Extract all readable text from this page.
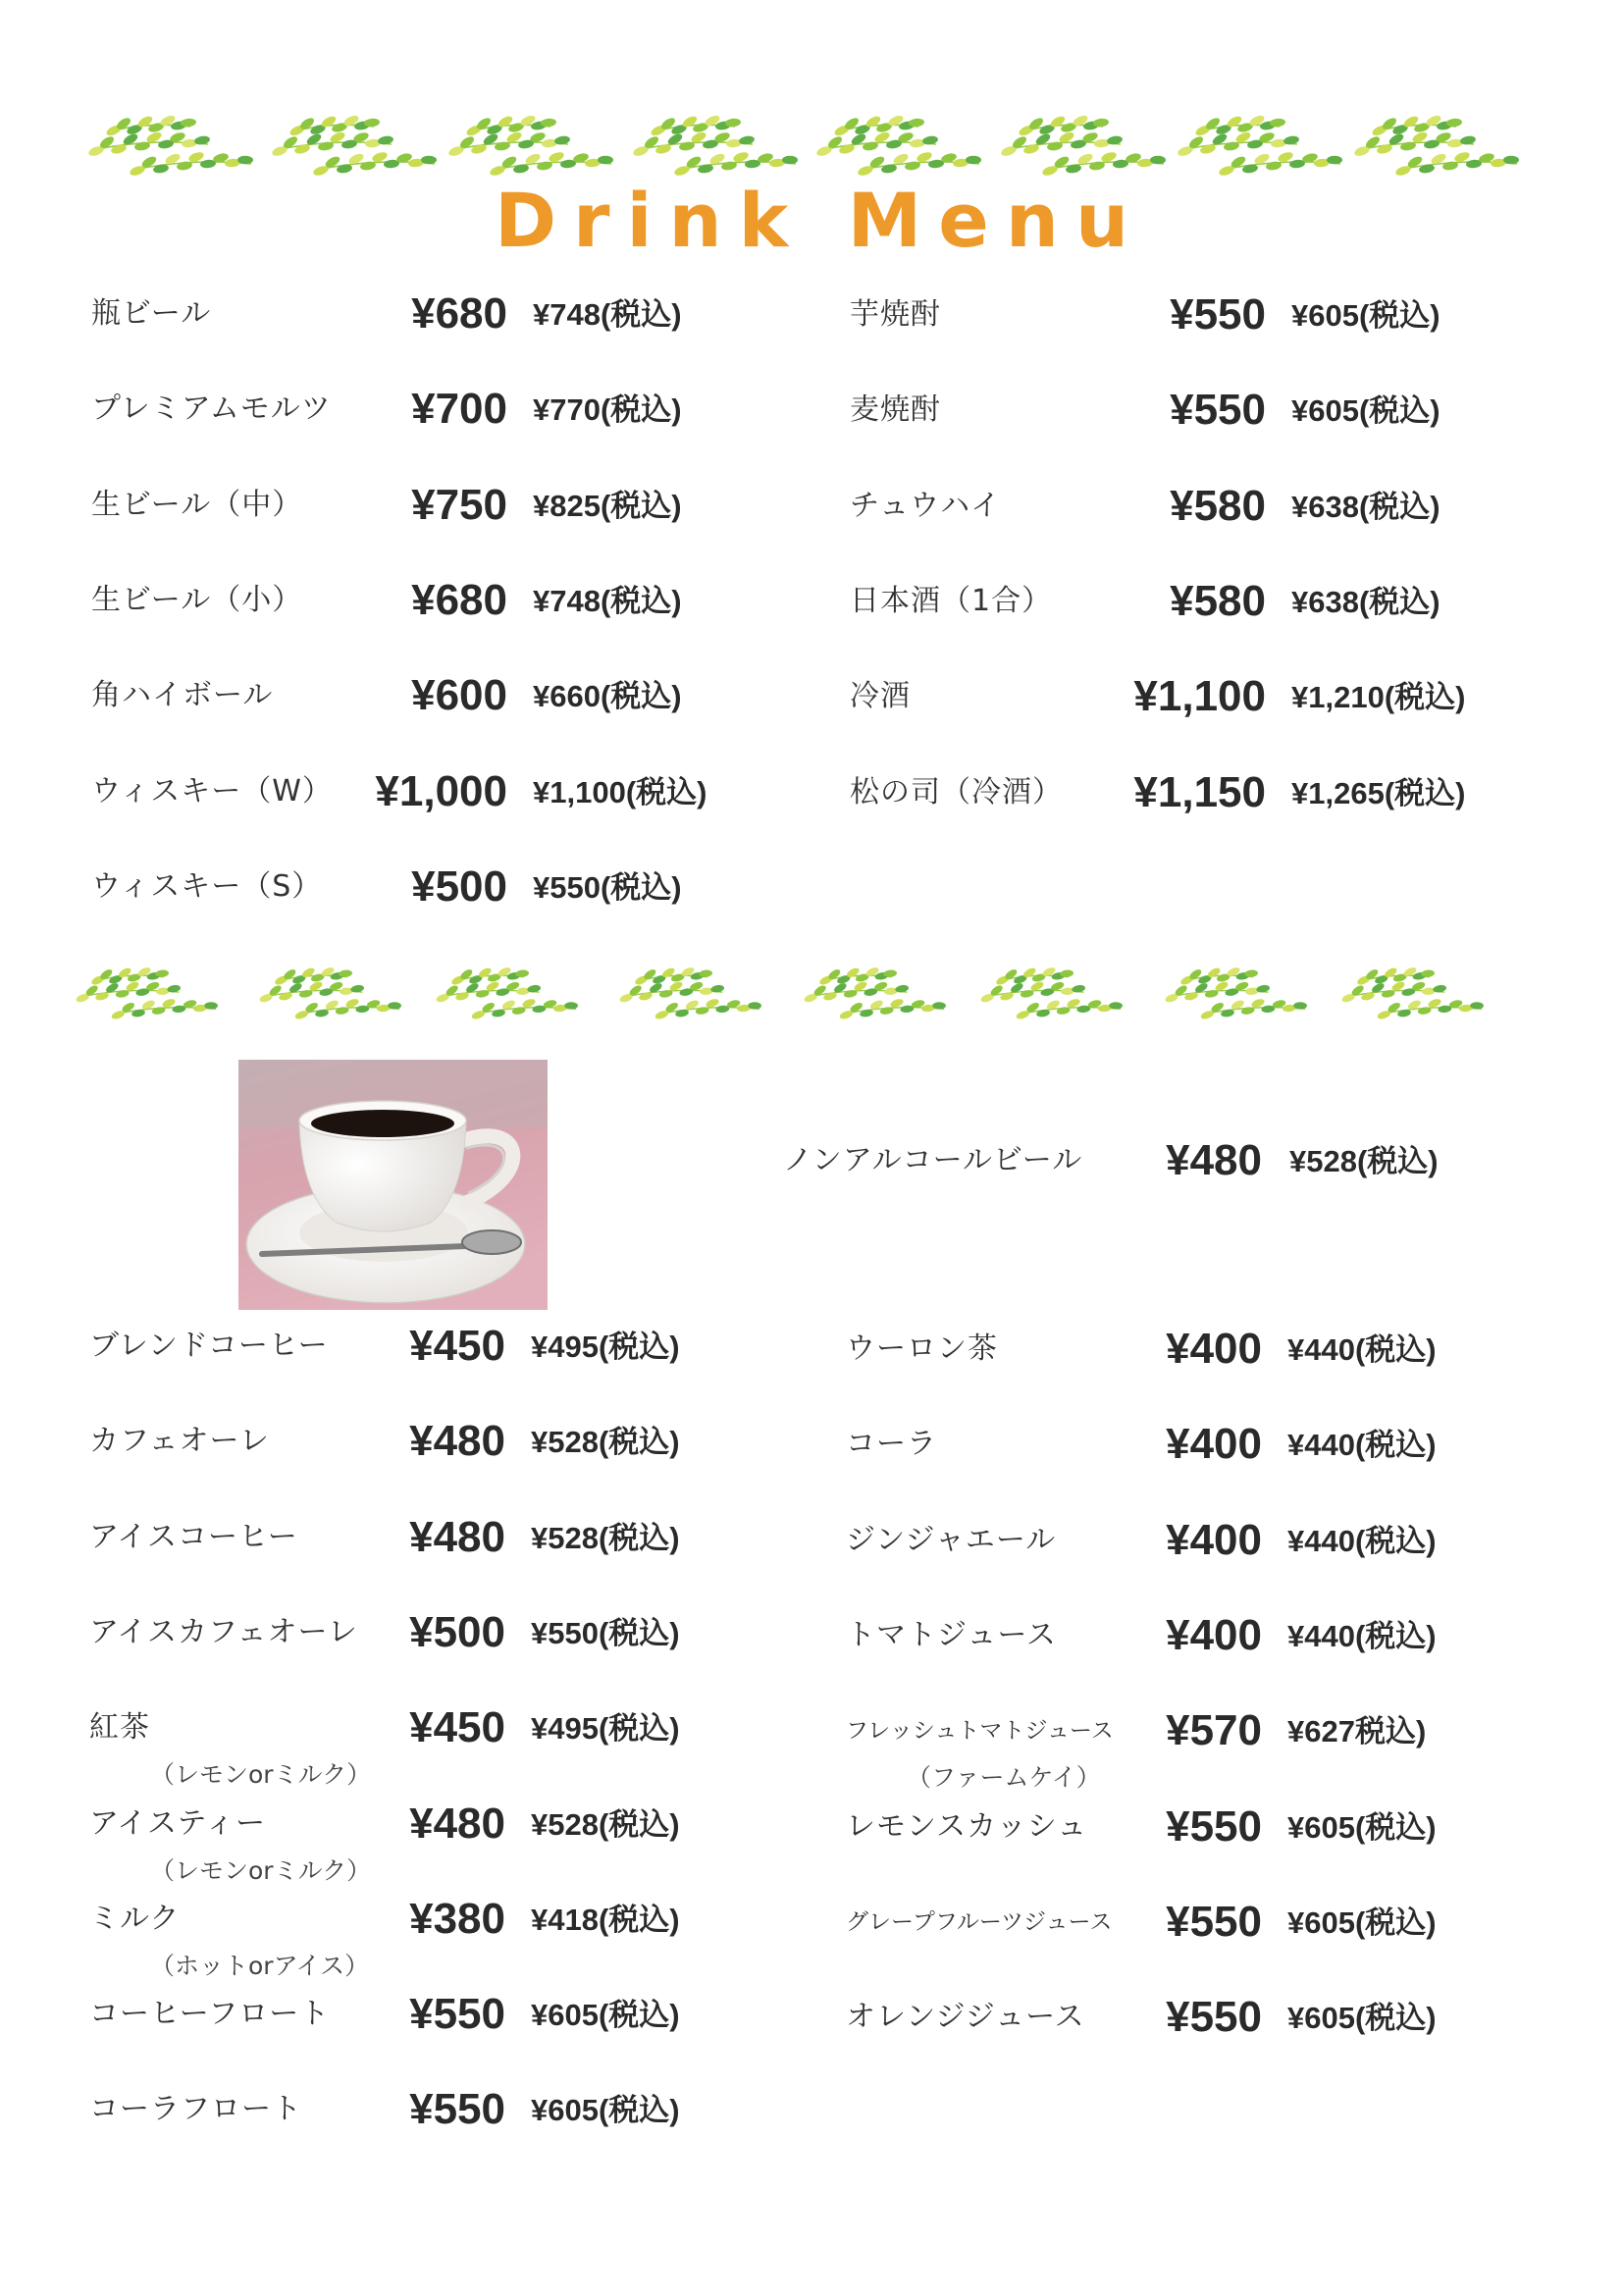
Drink Menu
瓶ビール	¥680 ¥748(税込)
プレミアムモルツ ¥700 ¥770(税込)
生ビール（中）	¥750 ¥825(税込)
生ビール（小）	¥680 ¥748(税込)
角ハイボール	¥600 ¥660(税込)
ウィスキー（W） ¥1,000 ¥1,100(税込)
ウィスキー（S） ¥500 ¥550(税込)
芋焼酎	¥550 ¥605(税込)
麦焼酎	¥550 ¥605(税込)
チュウハイ	¥580 ¥638(税込)
日本酒（1合）	¥580 ¥638(税込)
冷酒	¥1,100 ¥1,210(税込)
松の司（冷酒） ¥1,150 ¥1,265(税込)
ノンアルコールビール ¥480 ¥528(税込)
ブレンドコーヒー ¥450 ¥495(税込)
カフェオーレ	¥480 ¥528(税込)
アイスコーヒー	¥480 ¥528(税込)
アイスカフェオーレ ¥500 ¥550(税込)
紅茶
（レモンorミルク）
¥450 ¥495(税込)
アイスティー
（レモンorミルク）
¥480 ¥528(税込)
ミルク
（ホットorアイス）
¥380 ¥418(税込)
コーヒーフロート ¥550 ¥605(税込)
コーラフロート ¥550 ¥605(税込)
ウーロン茶	¥400 ¥440(税込)
コーラ	¥400 ¥440(税込)
ジンジャエール	¥400 ¥440(税込)
トマトジュース	¥400 ¥440(税込)
フレッシュトマトジュース
（ファームケイ）
¥570 ¥627税込)
レモンスカッシュ ¥550 ¥605(税込)
グレープフルーツジュース ¥550 ¥605(税込)
オレンジジュース ¥550 ¥605(税込)
